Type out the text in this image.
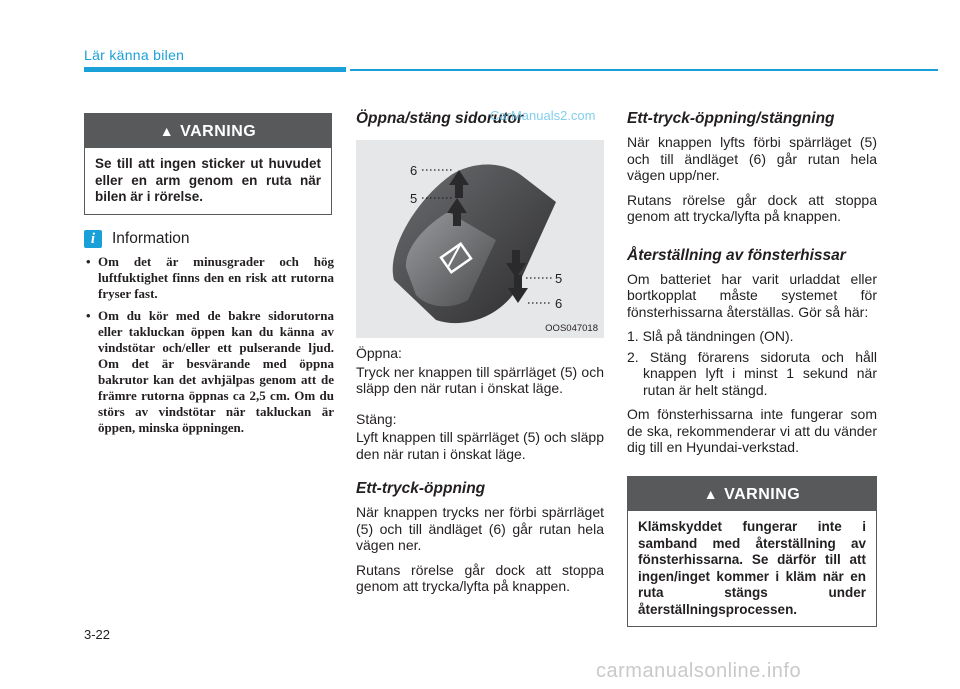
Lär känna bilen
▲ VARNING
Se till att ingen sticker ut huvudet eller en arm genom en ruta när bilen är i rörelse.
i	Information
• Om det är minusgrader och hög luftfuktighet finns den en risk att rutorna fryser fast.
• Om du kör med de bakre sidorutorna eller takluckan öppen kan du känna av vindstötar och/eller ett pulserande ljud. Om det är besvärande med öppna bakrutor kan det avhjälpas genom att de främre rutorna öppnas ca 2,5 cm. Om du störs av vindstötar när takluckan är öppen, minska öppningen.
Öppna/stäng sidorutor
CarManuals2.com
6
5
5
6
OOS047018

Öppna:

Tryck ner knappen till spärrläget (5) och släpp den när rutan i önskat läge.

Stäng:

Lyft knappen till spärrläget (5) och släpp den när rutan i önskat läge.

Ett-tryck-öppning

När knappen trycks ner förbi spärrläget (5) och till ändläget (6) går rutan hela vägen ner.

Rutans rörelse går dock att stoppa genom att trycka/lyfta på knappen.

Ett-tryck-öppning/stängning

När knappen lyfts förbi spärrläget (5) och till ändläget (6) går rutan hela vägen upp/ner.

Rutans rörelse går dock att stoppa genom att trycka/lyfta på knappen.

Återställning av fönsterhissar

Om batteriet har varit urladdat eller bortkopplat måste systemet för fönsterhissarna återställas. Gör så här:

1. Slå på tändningen (ON).

2. Stäng förarens sidoruta och håll knappen lyft i minst 1 sekund när rutan är helt stängd.

Om fönsterhissarna inte fungerar som de ska, rekommenderar vi att du vänder dig till en Hyundai-verkstad.

▲ VARNING
Klämskyddet fungerar inte i samband med återställning av fönsterhissarna. Se därför till att ingen/inget kommer i kläm när en ruta stängs under återställningsprocessen.
3-22
carmanualsonline.info
